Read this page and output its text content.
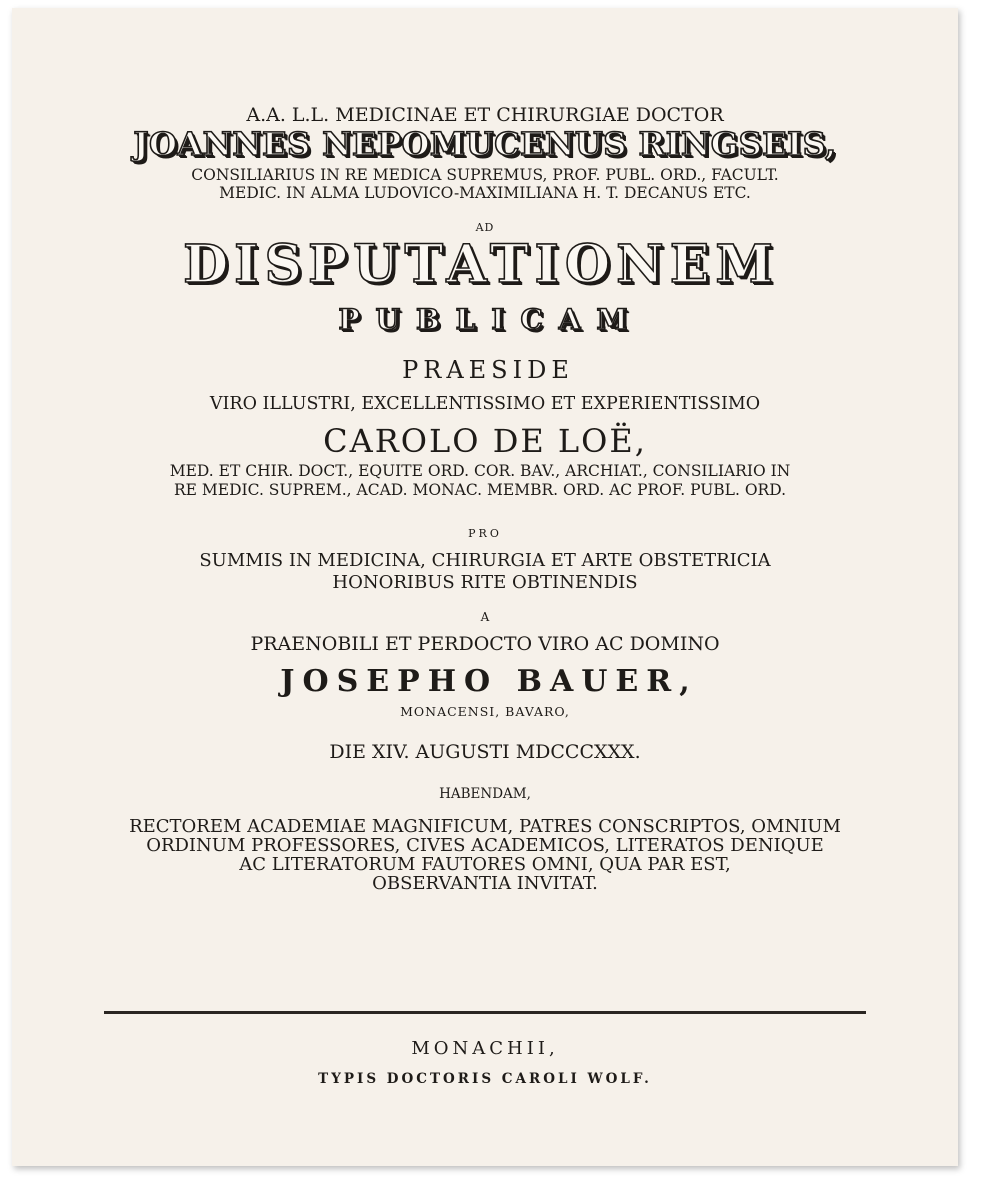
A.A. L.L. MEDICINAE ET CHIRURGIAE DOCTOR
JOANNES NEPOMUCENUS RINGSEIS,
CONSILIARIUS IN RE MEDICA SUPREMUS, PROF. PUBL. ORD., FACULT.
MEDIC. IN ALMA LUDOVICO-MAXIMILIANA H. T. DECANUS ETC.
AD
DISPUTATIONEM
PUBLICAM
PRAESIDE
VIRO ILLUSTRI, EXCELLENTISSIMO ET EXPERIENTISSIMO
CAROLO DE LOË,
MED. ET CHIR. DOCT., EQUITE ORD. COR. BAV., ARCHIAT., CONSILIARIO IN
RE MEDIC. SUPREM., ACAD. MONAC. MEMBR. ORD. AC PROF. PUBL. ORD.
PRO
SUMMIS IN MEDICINA, CHIRURGIA ET ARTE OBSTETRICIA
HONORIBUS RITE OBTINENDIS
A
PRAENOBILI ET PERDOCTO VIRO AC DOMINO
JOSEPHO BAUER,
MONACENSI, BAVARO,
DIE XIV. AUGUSTI MDCCCXXX.
HABENDAM,
RECTOREM ACADEMIAE MAGNIFICUM, PATRES CONSCRIPTOS, OMNIUM
ORDINUM PROFESSORES, CIVES ACADEMICOS, LITERATOS DENIQUE
AC LITERATORUM FAUTORES OMNI, QUA PAR EST,
OBSERVANTIA INVITAT.
MONACHII,
TYPIS DOCTORIS CAROLI WOLF.
